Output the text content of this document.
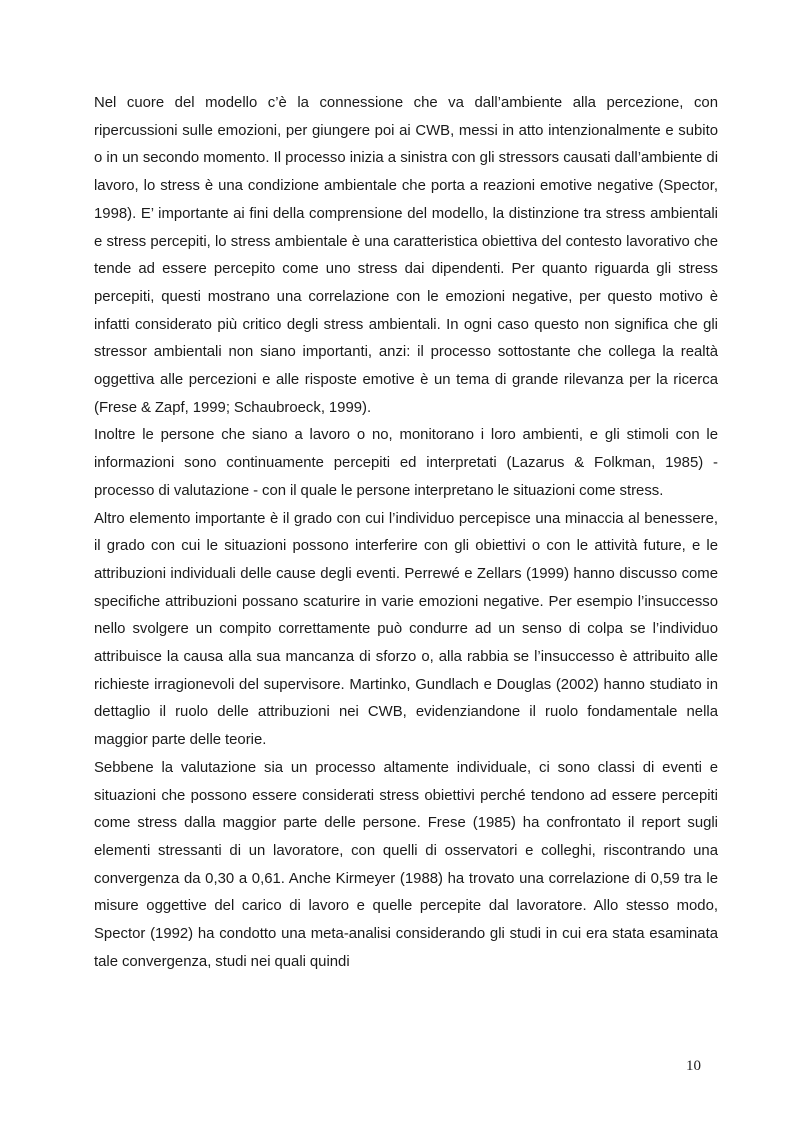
Nel cuore del modello c’è la connessione che va dall’ambiente alla percezione, con ripercussioni sulle emozioni, per giungere poi ai CWB, messi in atto intenzionalmente e subito o in un secondo momento. Il processo inizia a sinistra con gli stressors causati dall’ambiente di lavoro, lo stress è una condizione ambientale che porta a reazioni emotive negative (Spector, 1998). E’ importante ai fini della comprensione del modello, la distinzione tra stress ambientali e stress percepiti, lo stress ambientale è una caratteristica obiettiva del contesto lavorativo che tende ad essere percepito come uno stress dai dipendenti. Per quanto riguarda gli stress percepiti, questi mostrano una correlazione con le emozioni negative, per questo motivo è infatti considerato più critico degli stress ambientali. In ogni caso questo non significa che gli stressor ambientali non siano importanti, anzi: il processo sottostante che collega la realtà oggettiva alle percezioni e alle risposte emotive è un tema di grande rilevanza per la ricerca (Frese & Zapf, 1999; Schaubroeck, 1999).

Inoltre le persone che siano a lavoro o no, monitorano i loro ambienti, e gli stimoli con le informazioni sono continuamente percepiti ed interpretati (Lazarus & Folkman, 1985) - processo di valutazione - con il quale le persone interpretano le situazioni come stress.

Altro elemento importante è il grado con cui l’individuo percepisce una minaccia al benessere, il grado con cui le situazioni possono interferire con gli obiettivi o con le attività future, e le attribuzioni individuali delle cause degli eventi. Perrewé e Zellars (1999) hanno discusso come specifiche attribuzioni possano scaturire in varie emozioni negative. Per esempio l’insuccesso nello svolgere un compito correttamente può condurre ad un senso di colpa se l’individuo attribuisce la causa alla sua mancanza di sforzo o, alla rabbia se l’insuccesso è attribuito alle richieste irragionevoli del supervisore. Martinko, Gundlach e Douglas (2002) hanno studiato in dettaglio il ruolo delle attribuzioni nei CWB, evidenziandone il ruolo fondamentale nella maggior parte delle teorie.

Sebbene la valutazione sia un processo altamente individuale, ci sono classi di eventi e situazioni che possono essere considerati stress obiettivi perché tendono ad essere percepiti come stress dalla maggior parte delle persone. Frese (1985) ha confrontato il report sugli elementi stressanti di un lavoratore, con quelli di osservatori e colleghi, riscontrando una convergenza da 0,30 a 0,61. Anche Kirmeyer (1988) ha trovato una correlazione di 0,59 tra le misure oggettive del carico di lavoro e quelle percepite dal lavoratore. Allo stesso modo, Spector (1992) ha condotto una meta-analisi considerando gli studi in cui era stata esaminata tale convergenza, studi nei quali quindi

10
